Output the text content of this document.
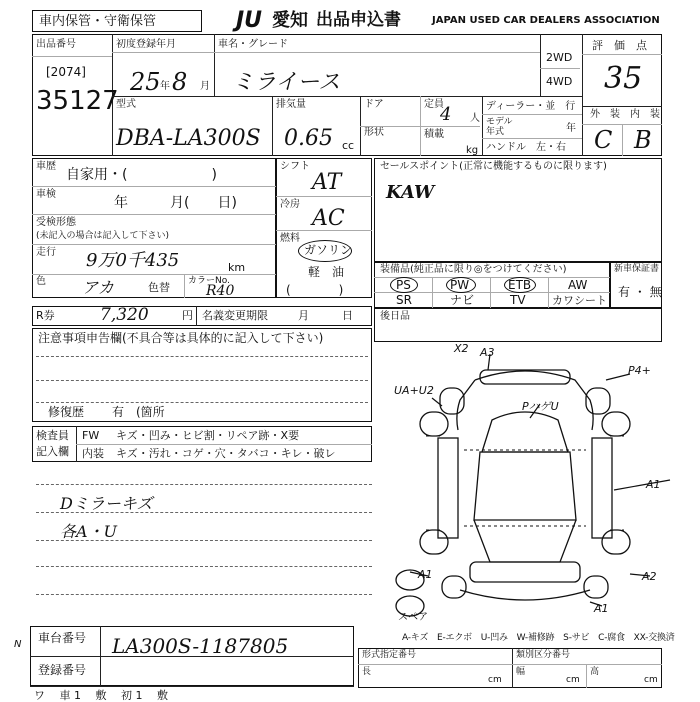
車内保管・守衛保管	JU 愛知 出品申込書	JAPAN USED CAR DEALERS ASSOCIATION
出品番号
[2074]
35127
初度登録年月	車名・グレード
25 年 8 月 ミライース
2WD
4WD
評　価　点
35
外　装　内　装
C B
型式
DBA-LA300S
排気量
0.65 cc
ドア
形状
定員
4 人
積載
kg
ディーラー・並　行
モデル
年式	年
ハンドル　左・右
車歴
自家用・(　　　　　　)
車検
年　　　月(　　日)
受検形態
(未記入の場合は記入して下さい)
走行 9万0千435	km
色 アカ	色替 カラーNo.
R40
シフト
AT
冷房
AC
燃料
ガソリン
軽　油
(　　　　)
セールスポイント(正常に機能するものに限ります)
KAW
装備品(純正品に限り◎をつけてください)
PS	PW	ETB	AW
SR	ナビ	TV カワシート
新車保証書
有 ・ 無
R券	7,320	円 名義変更期限	月　　　日	後日品
注意事項申告欄(不具合等は具体的に記入して下さい)
修復歴 有　(箇所
検査員
記入欄
FW キズ・凹み・ヒビ割・リペア跡・X要
内装 キズ・汚れ・コゲ・穴・タバコ・キレ・破レ
Dミラーキズ
各A・U
X2 A3
P4+
UA+U2
PハゲU
A1
A1	A2
A1
スペア
A-キズ　E-エクボ　U-凹み　W-補修跡　S-サビ　C-腐食　XX-交換済
N 車台番号 LA300S-1187805
登録番号
ワ 　車 1 　敷 　初 1 　敷
形式指定番号	類別区分番号
長
cm
幅
cm
高
cm
